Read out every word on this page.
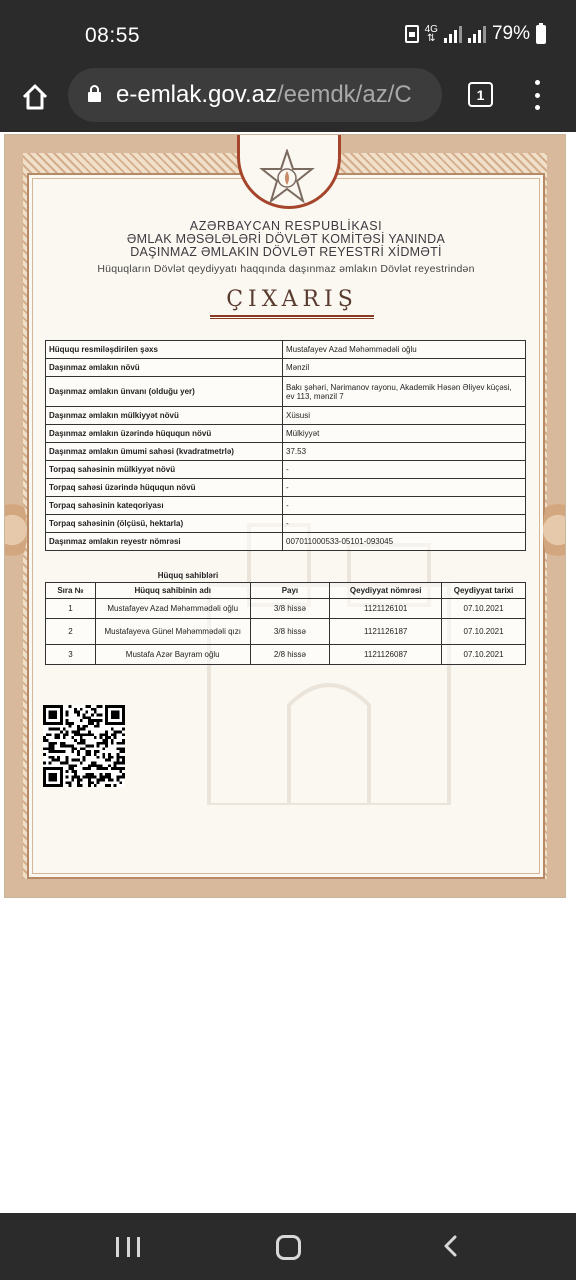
08:55	4G
⇅	79%
e-emlak.gov.az/eemdk/az/C	1
AZƏRBAYCAN RESPUBLİKASI
ƏMLAK MƏSƏLƏLƏRİ DÖVLƏT KOMİTƏSİ YANINDA
DAŞINMAZ ƏMLAKIN DÖVLƏT REYESTRİ XİDMƏTİ
Hüquqların Dövlət qeydiyyatı haqqında daşınmaz əmlakın Dövlət reyestrindən
ÇIXARIŞ
Hüququ resmiləşdirilen şəxs	Mustafayev Azad Məhəmmədəli oğlu
Daşınmaz əmlakın növü	Mənzil
Daşınmaz əmlakın ünvanı (olduğu yer)	Bakı şəhəri, Nərimanov rayonu, Akademik Həsən Əliyev küçəsi, ev 113, mənzil 7
Daşınmaz əmlakın mülkiyyət növü	Xüsusi
Daşınmaz əmlakın üzərində hüququn növü	Mülkiyyət
Daşınmaz əmlakın ümumi sahəsi (kvadratmetrlə)	37.53
Torpaq sahəsinin mülkiyyət növü	-
Torpaq sahəsi üzərində hüququn növü	-
Torpaq sahəsinin kateqoriyası	-
Torpaq sahəsinin (ölçüsü, hektarla)	-
Daşınmaz əmlakın reyestr nömrəsi	007011000533-05101-093045
Hüquq sahibləri
Sıra №	Hüquq sahibinin adı	Payı	Qeydiyyat nömrəsi	Qeydiyyat tarixi
1	Mustafayev Azad Məhəmmədəli oğlu	3/8 hissə	1121126101	07.10.2021
2	Mustafayeva Günel Məhəmmədəli qızı	3/8 hissə	1121126187	07.10.2021
3	Mustafa Azər Bayram oğlu	2/8 hissə	1121126087	07.10.2021
